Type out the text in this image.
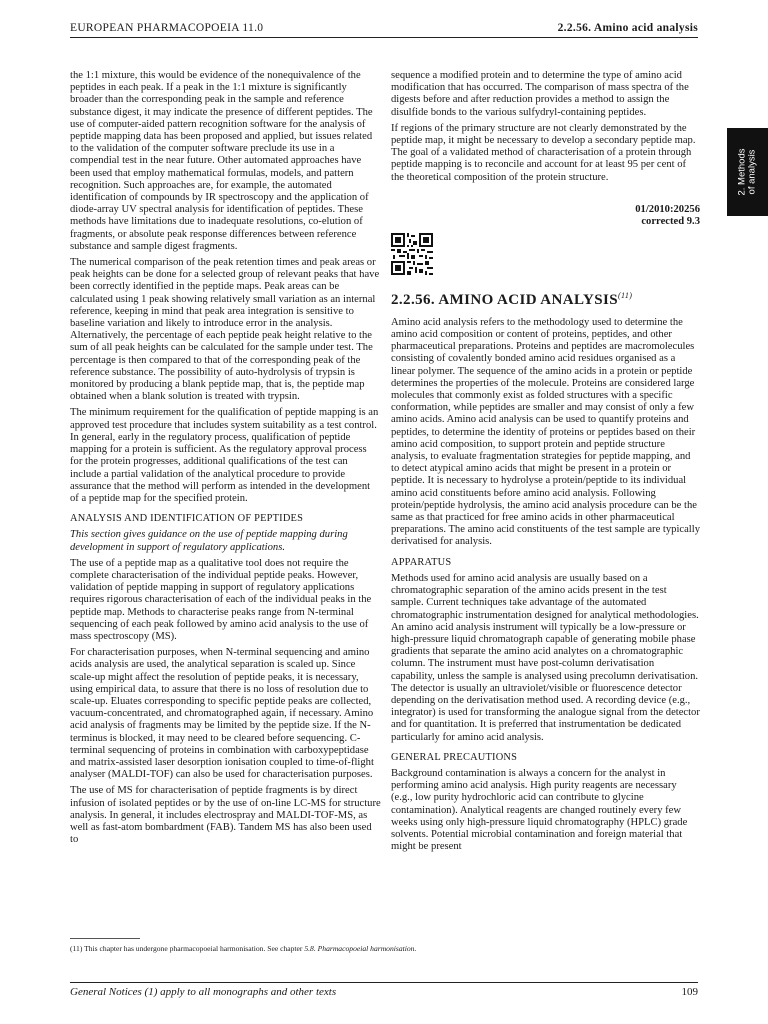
EUROPEAN PHARMACOPOEIA 11.0	2.2.56. Amino acid analysis
2. Methods of analysis

the 1:1 mixture, this would be evidence of the nonequivalence of the peptides in each peak. If a peak in the 1:1 mixture is significantly broader than the corresponding peak in the sample and reference substance digest, it may indicate the presence of different peptides. The use of computer-aided pattern recognition software for the analysis of peptide mapping data has been proposed and applied, but issues related to the validation of the computer software preclude its use in a compendial test in the near future. Other automated approaches have been used that employ mathematical formulas, models, and pattern recognition. Such approaches are, for example, the automated identification of compounds by IR spectroscopy and the application of diode-array UV spectral analysis for identification of peptides. These methods have limitations due to inadequate resolutions, co-elution of fragments, or absolute peak response differences between reference substance and sample digest fragments.

The numerical comparison of the peak retention times and peak areas or peak heights can be done for a selected group of relevant peaks that have been correctly identified in the peptide maps. Peak areas can be calculated using 1 peak showing relatively small variation as an internal reference, keeping in mind that peak area integration is sensitive to baseline variation and likely to introduce error in the analysis. Alternatively, the percentage of each peptide peak height relative to the sum of all peak heights can be calculated for the sample under test. The percentage is then compared to that of the corresponding peak of the reference substance. The possibility of auto-hydrolysis of trypsin is monitored by producing a blank peptide map, that is, the peptide map obtained when a blank solution is treated with trypsin.

The minimum requirement for the qualification of peptide mapping is an approved test procedure that includes system suitability as a test control. In general, early in the regulatory process, qualification of peptide mapping for a protein is sufficient. As the regulatory approval process for the protein progresses, additional qualifications of the test can include a partial validation of the analytical procedure to provide assurance that the method will perform as intended in the development of a peptide map for the specified protein.

ANALYSIS AND IDENTIFICATION OF PEPTIDES

This section gives guidance on the use of peptide mapping during development in support of regulatory applications.

The use of a peptide map as a qualitative tool does not require the complete characterisation of the individual peptide peaks. However, validation of peptide mapping in support of regulatory applications requires rigorous characterisation of each of the individual peaks in the peptide map. Methods to characterise peaks range from N-terminal sequencing of each peak followed by amino acid analysis to the use of mass spectroscopy (MS).

For characterisation purposes, when N-terminal sequencing and amino acids analysis are used, the analytical separation is scaled up. Since scale-up might affect the resolution of peptide peaks, it is necessary, using empirical data, to assure that there is no loss of resolution due to scale-up. Eluates corresponding to specific peptide peaks are collected, vacuum-concentrated, and chromatographed again, if necessary. Amino acid analysis of fragments may be limited by the peptide size. If the N-terminus is blocked, it may need to be cleared before sequencing. C-terminal sequencing of proteins in combination with carboxypeptidase and matrix-assisted laser desorption ionisation coupled to time-of-flight analyser (MALDI-TOF) can also be used for characterisation purposes.

The use of MS for characterisation of peptide fragments is by direct infusion of isolated peptides or by the use of on-line LC-MS for structure analysis. In general, it includes electrospray and MALDI-TOF-MS, as well as fast-atom bombardment (FAB). Tandem MS has also been used to

sequence a modified protein and to determine the type of amino acid modification that has occurred. The comparison of mass spectra of the digests before and after reduction provides a method to assign the disulfide bonds to the various sulfydryl-containing peptides.

If regions of the primary structure are not clearly demonstrated by the peptide map, it might be necessary to develop a secondary peptide map. The goal of a validated method of characterisation of a protein through peptide mapping is to reconcile and account for at least 95 per cent of the theoretical composition of the protein structure.

01/2010:20256
corrected 9.3
2.2.56. AMINO ACID ANALYSIS$^{(11)}$

Amino acid analysis refers to the methodology used to determine the amino acid composition or content of proteins, peptides, and other pharmaceutical preparations. Proteins and peptides are macromolecules consisting of covalently bonded amino acid residues organised as a linear polymer. The sequence of the amino acids in a protein or peptide determines the properties of the molecule. Proteins are considered large molecules that commonly exist as folded structures with a specific conformation, while peptides are smaller and may consist of only a few amino acids. Amino acid analysis can be used to quantify proteins and peptides, to determine the identity of proteins or peptides based on their amino acid composition, to support protein and peptide structure analysis, to evaluate fragmentation strategies for peptide mapping, and to detect atypical amino acids that might be present in a protein or peptide. It is necessary to hydrolyse a protein/peptide to its individual amino acid constituents before amino acid analysis. Following protein/peptide hydrolysis, the amino acid analysis procedure can be the same as that practiced for free amino acids in other pharmaceutical preparations. The amino acid constituents of the test sample are typically derivatised for analysis.

APPARATUS

Methods used for amino acid analysis are usually based on a chromatographic separation of the amino acids present in the test sample. Current techniques take advantage of the automated chromatographic instrumentation designed for analytical methodologies. An amino acid analysis instrument will typically be a low-pressure or high-pressure liquid chromatograph capable of generating mobile phase gradients that separate the amino acid analytes on a chromatographic column. The instrument must have post-column derivatisation capability, unless the sample is analysed using precolumn derivatisation. The detector is usually an ultraviolet/visible or fluorescence detector depending on the derivatisation method used. A recording device (e.g., integrator) is used for transforming the analogue signal from the detector and for quantitation. It is preferred that instrumentation be dedicated particularly for amino acid analysis.

GENERAL PRECAUTIONS

Background contamination is always a concern for the analyst in performing amino acid analysis. High purity reagents are necessary (e.g., low purity hydrochloric acid can contribute to glycine contamination). Analytical reagents are changed routinely every few weeks using only high-pressure liquid chromatography (HPLC) grade solvents. Potential microbial contamination and foreign material that might be present

(11) This chapter has undergone pharmacopoeial harmonisation. See chapter 5.8. Pharmacopoeial harmonisation.
General Notices (1) apply to all monographs and other texts	109
